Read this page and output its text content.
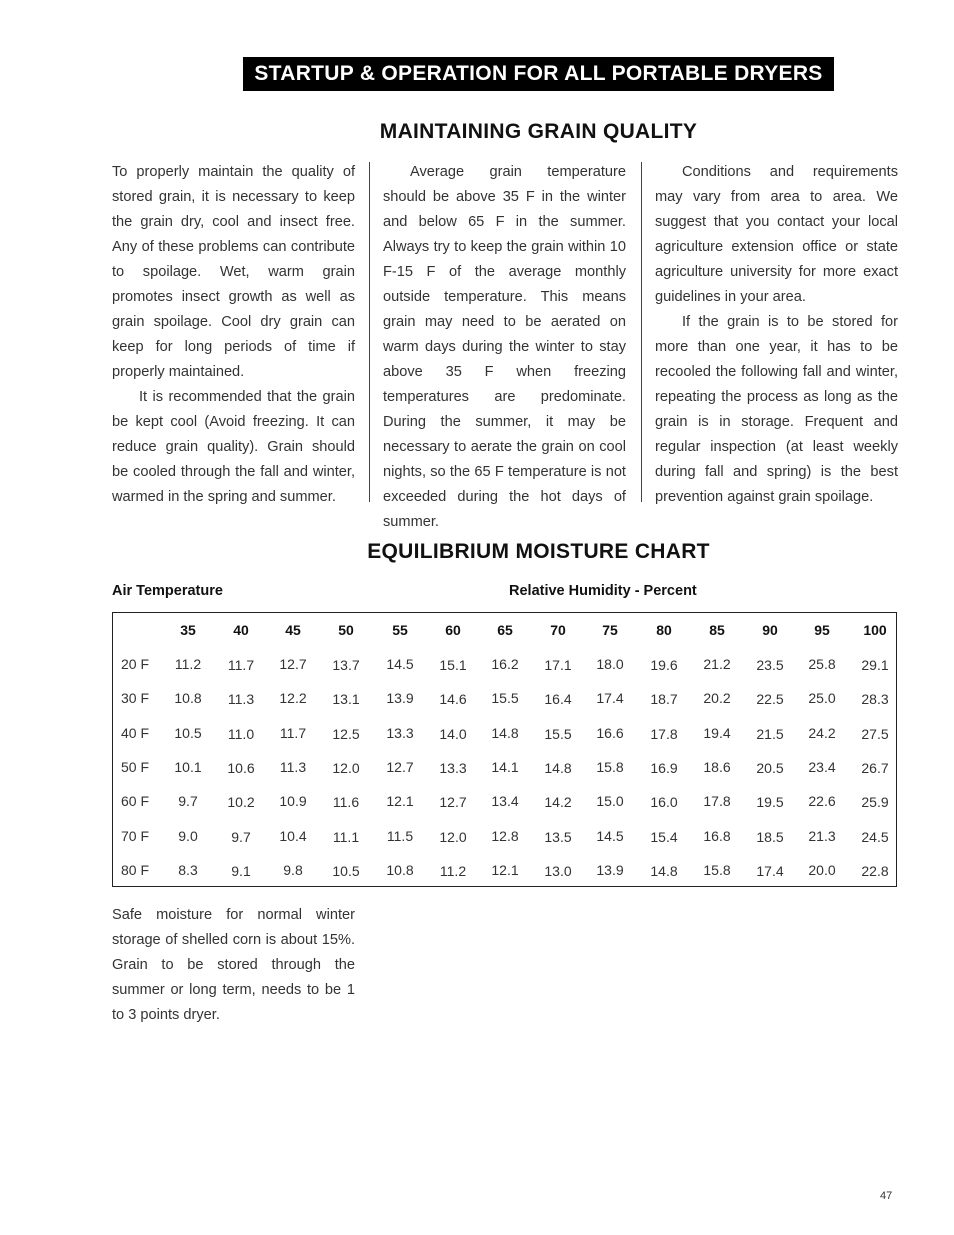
STARTUP & OPERATION FOR ALL PORTABLE DRYERS
MAINTAINING GRAIN QUALITY

To properly maintain the quality of stored grain, it is necessary to keep the grain dry, cool and insect free. Any of these problems can contribute to spoilage. Wet, warm grain promotes insect growth as well as grain spoilage. Cool dry grain can keep for long periods of time if properly maintained.

It is recommended that the grain be kept cool (Avoid freezing. It can reduce grain quality). Grain should be cooled through the fall and winter, warmed in the spring and summer.

Average grain temperature should be above 35 F in the winter and below 65 F in the summer. Always try to keep the grain within 10 F-15 F of the average monthly outside temperature. This means grain may need to be aerated on warm days during the winter to stay above 35 F when freezing temperatures are predominate. During the summer, it may be necessary to aerate the grain on cool nights, so the 65 F temperature is not exceeded during the hot days of summer.

Conditions and requirements may vary from area to area. We suggest that you contact your local agriculture extension office or state agriculture university for more exact guidelines in your area.

If the grain is to be stored for more than one year, it has to be recooled the following fall and winter, repeating the process as long as the grain is in storage. Frequent and regular inspection (at least weekly during fall and spring) is the best prevention against grain spoilage.

EQUILIBRIUM MOISTURE CHART
Air Temperature	Relative Humidity - Percent
35	40	45	50	55	60	65	70	75	80	85	90	95 100
20 F 11.2 11.7 12.7 13.7 14.5 15.1 16.2 17.1 18.0 19.6 21.2 23.5 25.8 29.1
30 F 10.8 11.3 12.2 13.1 13.9 14.6 15.5 16.4 17.4 18.7 20.2 22.5 25.0 28.3
40 F 10.5 11.0 11.7 12.5 13.3 14.0 14.8 15.5 16.6 17.8 19.4 21.5 24.2 27.5
50 F 10.1 10.6 11.3 12.0 12.7 13.3 14.1 14.8 15.8 16.9 18.6 20.5 23.4 26.7
60 F 9.7 10.2 10.9 11.6 12.1 12.7 13.4 14.2 15.0 16.0 17.8 19.5 22.6 25.9
70 F 9.0 9.7 10.4 11.1 11.5 12.0 12.8 13.5 14.5 15.4 16.8 18.5 21.3 24.5
80 F 8.3 9.1 9.8 10.5 10.8 11.2 12.1 13.0 13.9 14.8 15.8 17.4 20.0 22.8
Safe moisture for normal winter storage of shelled corn is about 15%. Grain to be stored through the summer or long term, needs to be 1 to 3 points dryer.
47
